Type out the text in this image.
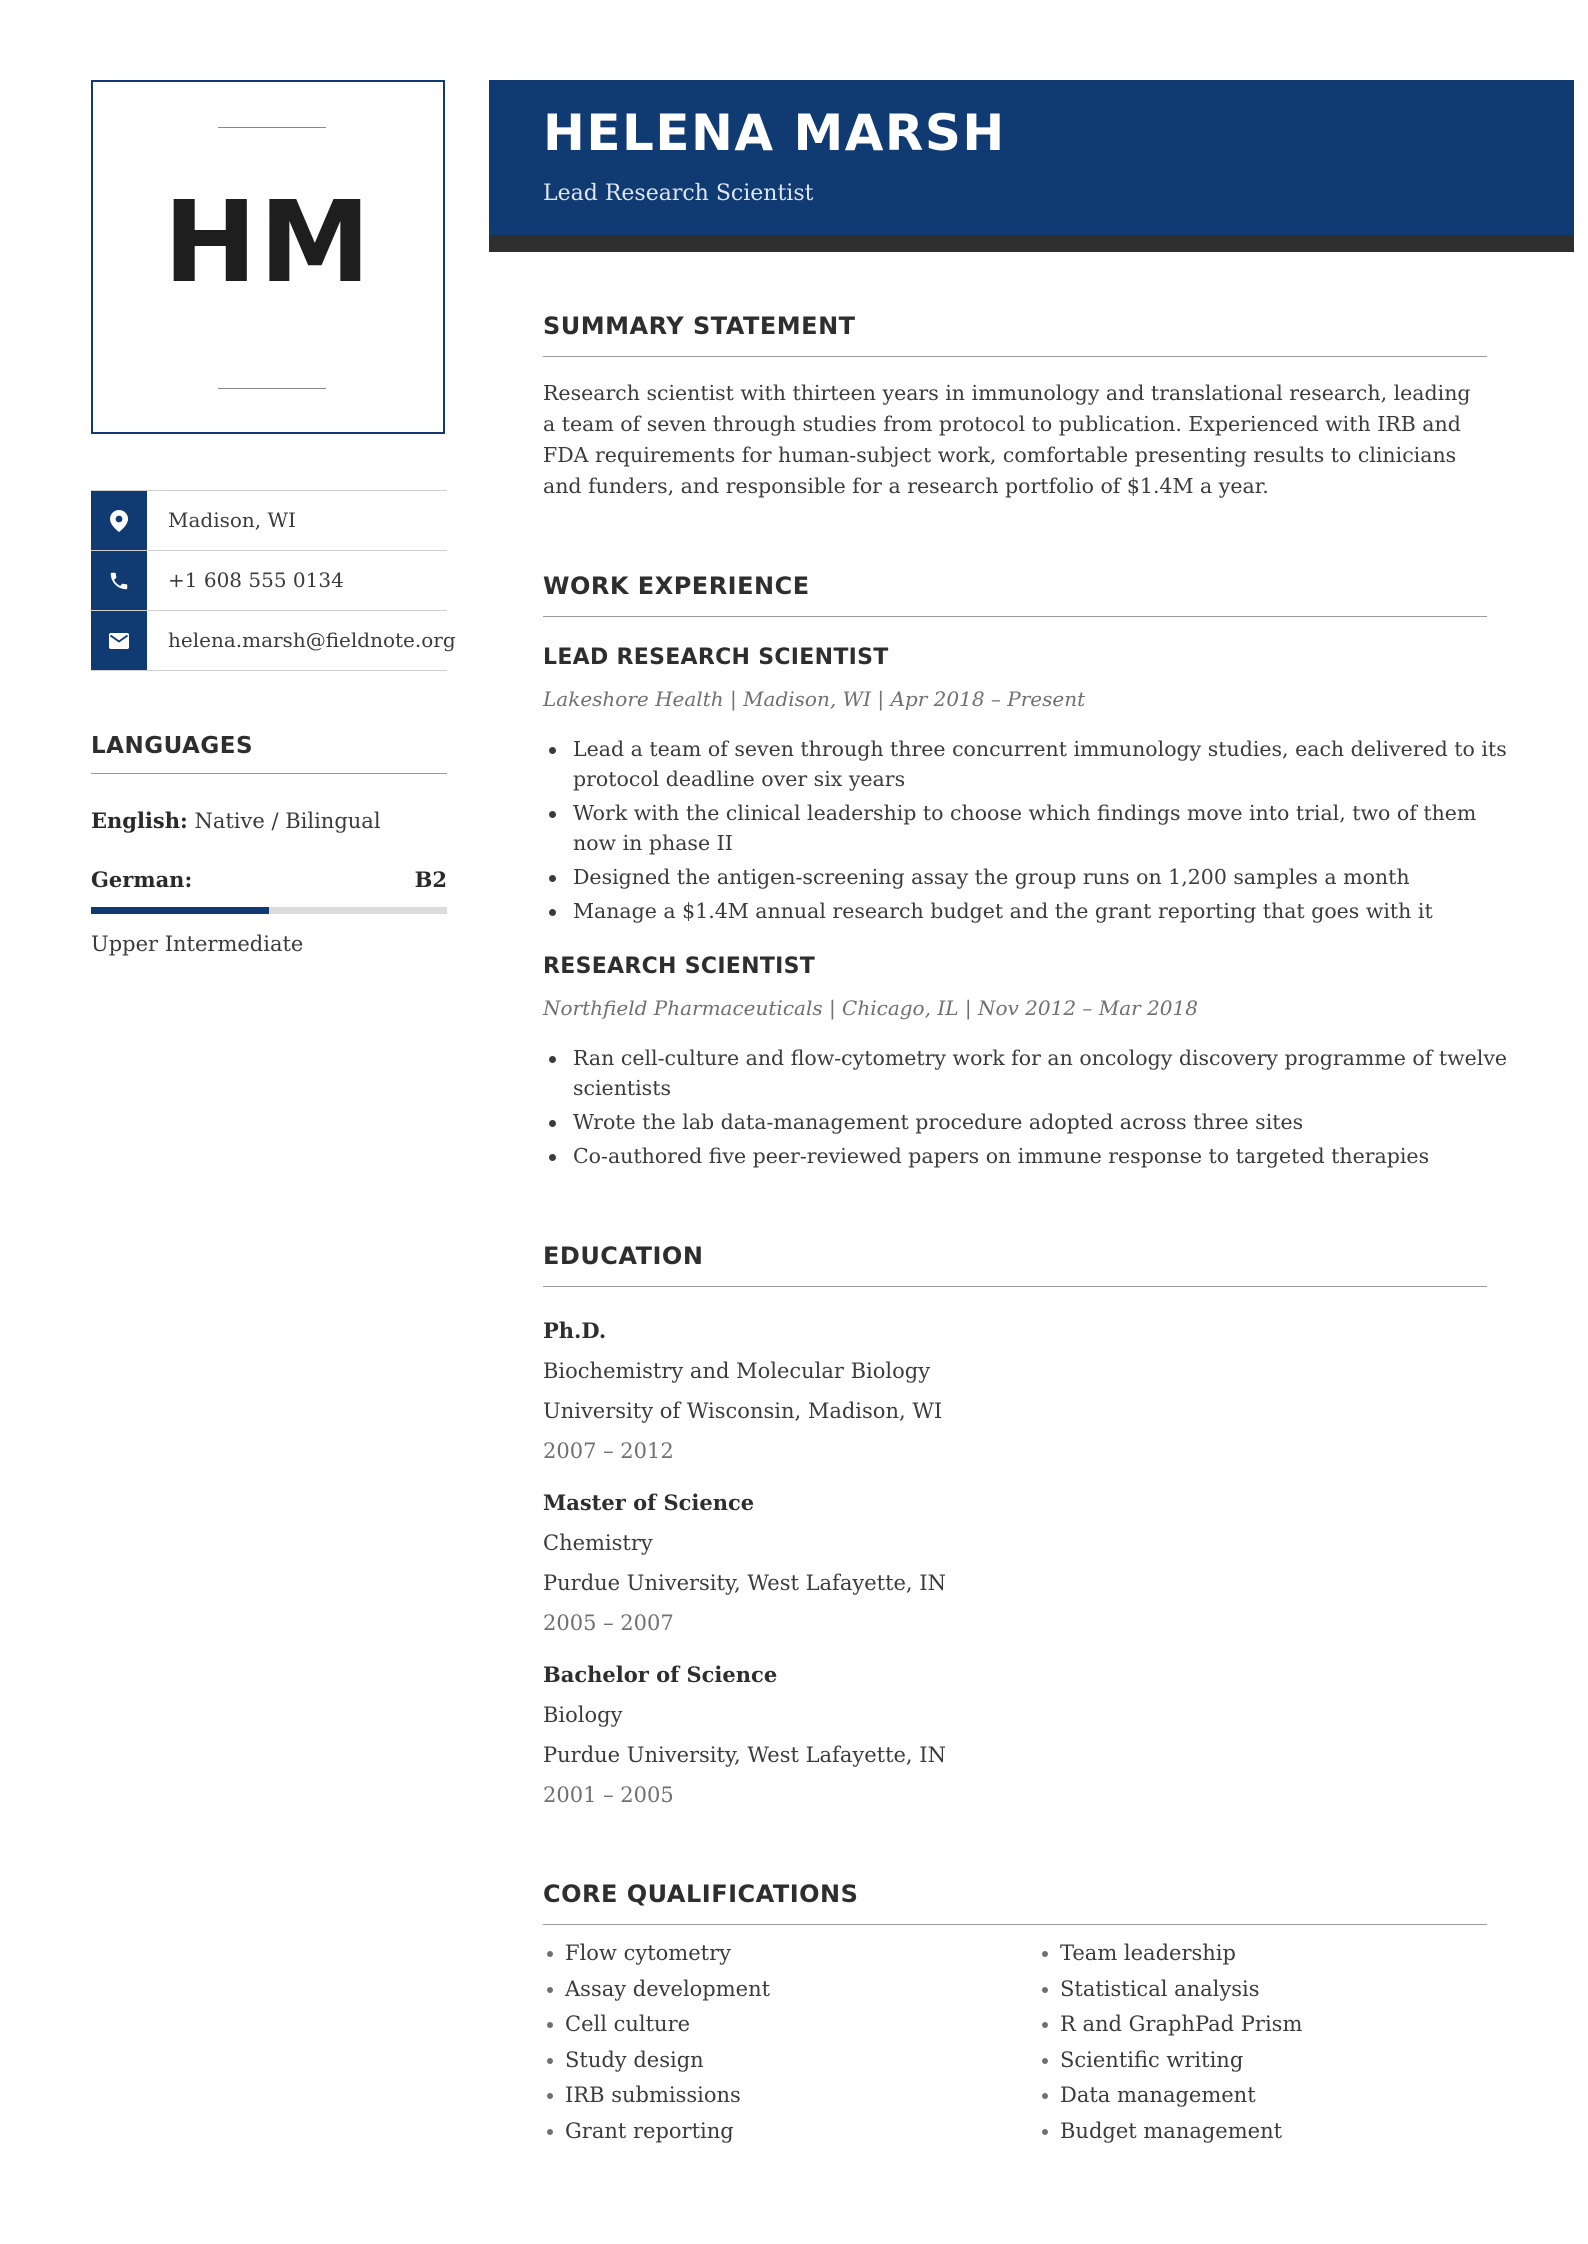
HM
Madison, WI
+1 608 555 0134
helena.marsh@fieldnote.org
LANGUAGES
English: Native / Bilingual
German:	B2
Upper Intermediate
HELENA MARSH
Lead Research Scientist
SUMMARY STATEMENT

Research scientist with thirteen years in immunology and translational research, leading a team of seven through studies from protocol to publication. Experienced with IRB and FDA requirements for human-subject work, comfortable presenting results to clinicians and funders, and responsible for a research portfolio of $1.4M a year.

WORK EXPERIENCE
LEAD RESEARCH SCIENTIST
Lakeshore Health | Madison, WI | Apr 2018 – Present
Lead a team of seven through three concurrent immunology studies, each delivered to its protocol deadline over six years
Work with the clinical leadership to choose which findings move into trial, two of them now in phase II
Designed the antigen-screening assay the group runs on 1,200 samples a month
Manage a $1.4M annual research budget and the grant reporting that goes with it
RESEARCH SCIENTIST
Northfield Pharmaceuticals | Chicago, IL | Nov 2012 – Mar 2018
Ran cell-culture and flow-cytometry work for an oncology discovery programme of twelve scientists
Wrote the lab data-management procedure adopted across three sites
Co-authored five peer-reviewed papers on immune response to targeted therapies
EDUCATION
Ph.D.
Biochemistry and Molecular Biology
University of Wisconsin, Madison, WI
2007 – 2012
Master of Science
Chemistry
Purdue University, West Lafayette, IN
2005 – 2007
Bachelor of Science
Biology
Purdue University, West Lafayette, IN
2001 – 2005
CORE QUALIFICATIONS
Flow cytometry
Assay development
Cell culture
Study design
IRB submissions
Grant reporting
Team leadership
Statistical analysis
R and GraphPad Prism
Scientific writing
Data management
Budget management
